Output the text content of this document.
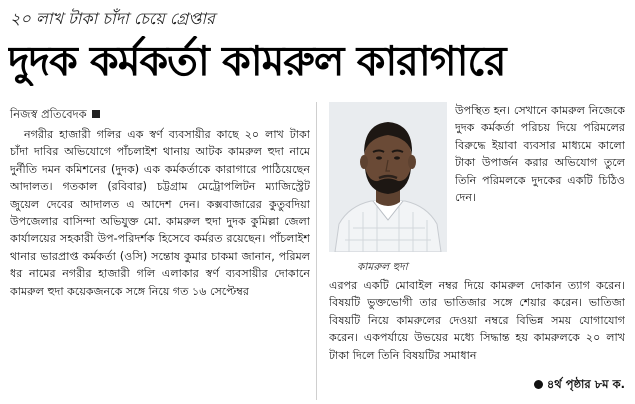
২০ লাখ টাকা চাঁদা চেয়ে গ্রেপ্তার
দুদক কর্মকর্তা কামরুল কারাগারে
নিজস্ব প্রতিবেদক

নগরীর হাজারী গলির এক স্বর্ণ ব্যবসায়ীর কাছে ২০ লাখ টাকা চাঁদা দাবির অভিযোগে পাঁচলাইশ থানায় আটক কামরুল হুদা নামে দুর্নীতি দমন কমিশনের (দুদক) এক কর্মকর্তাকে কারাগারে পাঠিয়েছেন আদালত। গতকাল (রবিবার) চট্টগ্রাম মেট্রোপলিটন ম্যাজিস্ট্রেট জুয়েল দেবের আদালত এ আদেশ দেন। কক্সবাজারের কুতুবদিয়া উপজেলার বাসিন্দা অভিযুক্ত মো. কামরুল হুদা দুদক কুমিল্লা জেলা কার্যালয়ের সহকারী উপ-পরিদর্শক হিসেবে কর্মরত রয়েছেন। পাঁচলাইশ থানার ভারপ্রাপ্ত কর্মকর্তা (ওসি) সন্তোষ কুমার চাকমা জানান, পরিমল ধর নামের নগরীর হাজারী গলি এলাকার স্বর্ণ ব্যবসায়ীর দোকানে কামরুল হুদা কয়েকজনকে সঙ্গে নিয়ে গত ১৬ সেপ্টেম্বর

কামরুল হুদা

উপস্থিত হন। সেখানে কামরুল নিজেকে দুদক কর্মকর্তা পরিচয় দিয়ে পরিমলের বিরুদ্ধে ইয়াবা ব্যবসার মাধ্যমে কালো টাকা উপার্জন করার অভিযোগ তুলে তিনি পরিমলকে দুদকের একটি চিঠিও দেন।

এরপর একটি মোবাইল নম্বর দিয়ে কামরুল দোকান ত্যাগ করেন। বিষয়টি ভুক্তভোগী তার ভাতিজার সঙ্গে শেয়ার করেন। ভাতিজা বিষয়টি নিয়ে কামরুলের দেওয়া নম্বরে বিভিন্ন সময় যোগাযোগ করেন। একপর্যায়ে উভয়ের মধ্যে সিদ্ধান্ত হয় কামরুলকে ২০ লাখ টাকা দিলে তিনি বিষয়টির সমাধান

৪র্থ পৃষ্ঠার ৮ম ক.
